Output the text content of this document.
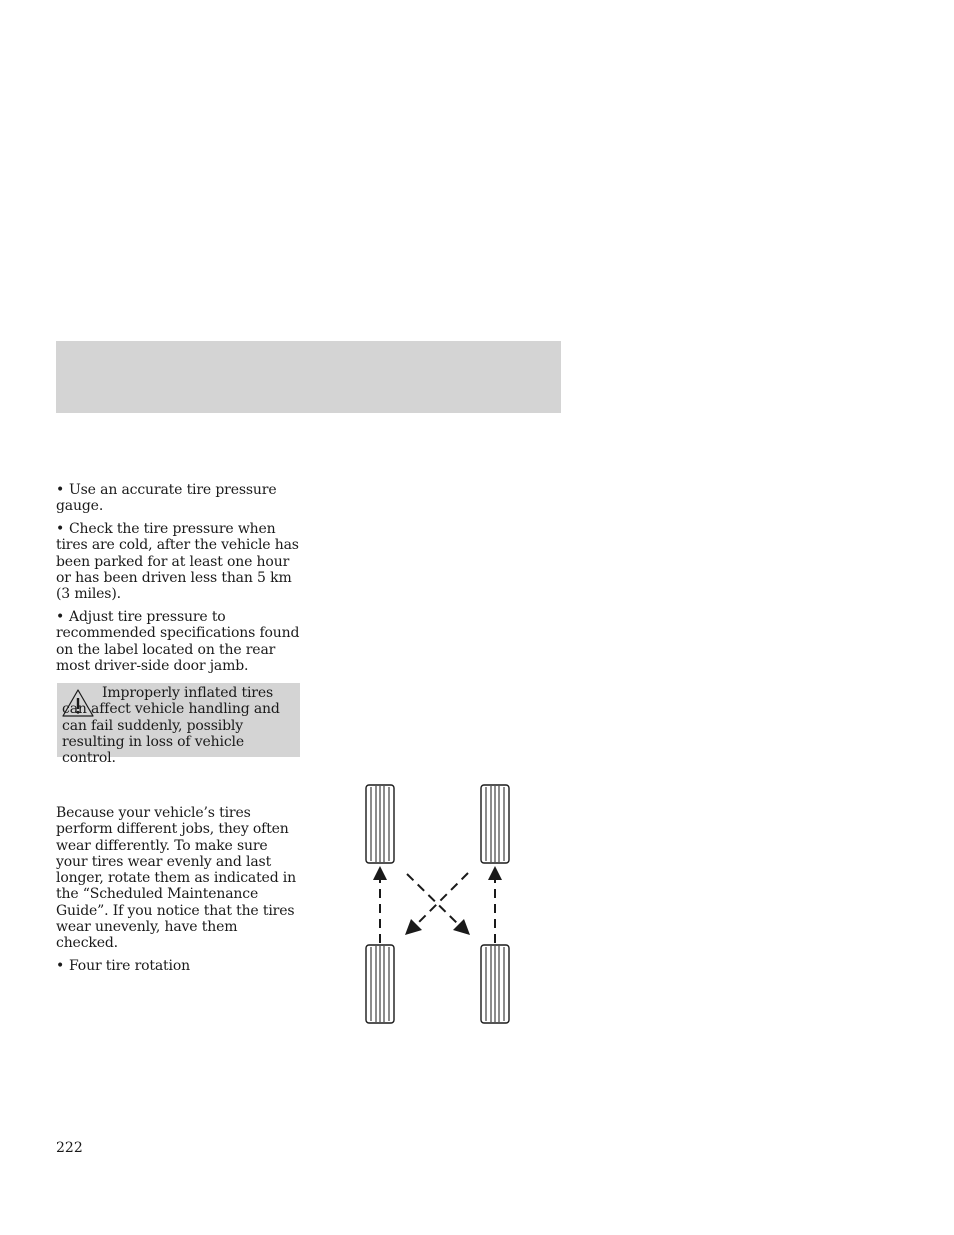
• Use an accurate tire pressure gauge.
• Check the tire pressure when tires are cold, after the vehicle has been parked for at least one hour or has been driven less than 5 km (3 miles).
• Adjust tire pressure to recommended specifications found on the label located on the rear most driver-side door jamb.
Improperly inflated tires can affect vehicle handling and can fail suddenly, possibly resulting in loss of vehicle control.

Because your vehicle’s tires perform different jobs, they often wear differently. To make sure your tires wear evenly and last longer, rotate them as indicated in the “Scheduled Maintenance Guide”. If you notice that the tires wear unevenly, have them checked.

• Four tire rotation
222
